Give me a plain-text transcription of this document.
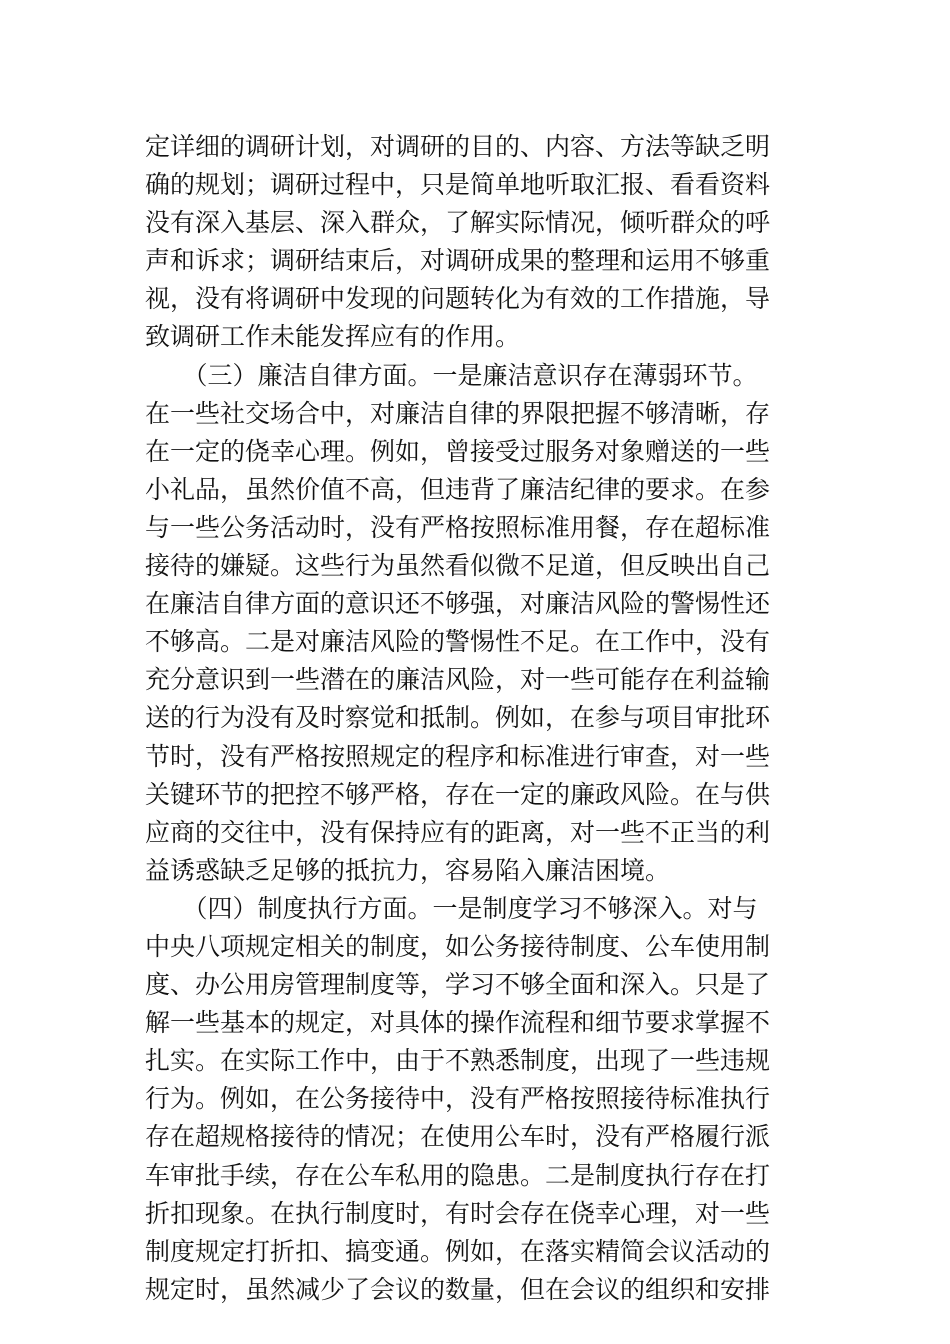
定详细的调研计划，对调研的目的、内容、方法等缺乏明
确的规划；调研过程中，只是简单地听取汇报、看看资料
没有深入基层、深入群众，了解实际情况，倾听群众的呼
声和诉求；调研结束后，对调研成果的整理和运用不够重
视，没有将调研中发现的问题转化为有效的工作措施，导
致调研工作未能发挥应有的作用。
　　（三）廉洁自律方面。一是廉洁意识存在薄弱环节。
在一些社交场合中，对廉洁自律的界限把握不够清晰，存
在一定的侥幸心理。例如，曾接受过服务对象赠送的一些
小礼品，虽然价值不高，但违背了廉洁纪律的要求。在参
与一些公务活动时，没有严格按照标准用餐，存在超标准
接待的嫌疑。这些行为虽然看似微不足道，但反映出自己
在廉洁自律方面的意识还不够强，对廉洁风险的警惕性还
不够高。二是对廉洁风险的警惕性不足。在工作中，没有
充分意识到一些潜在的廉洁风险，对一些可能存在利益输
送的行为没有及时察觉和抵制。例如，在参与项目审批环
节时，没有严格按照规定的程序和标准进行审查，对一些
关键环节的把控不够严格，存在一定的廉政风险。在与供
应商的交往中，没有保持应有的距离，对一些不正当的利
益诱惑缺乏足够的抵抗力，容易陷入廉洁困境。
　　（四）制度执行方面。一是制度学习不够深入。对与
中央八项规定相关的制度，如公务接待制度、公车使用制
度、办公用房管理制度等，学习不够全面和深入。只是了
解一些基本的规定，对具体的操作流程和细节要求掌握不
扎实。在实际工作中，由于不熟悉制度，出现了一些违规
行为。例如，在公务接待中，没有严格按照接待标准执行
存在超规格接待的情况；在使用公车时，没有严格履行派
车审批手续，存在公车私用的隐患。二是制度执行存在打
折扣现象。在执行制度时，有时会存在侥幸心理，对一些
制度规定打折扣、搞变通。例如，在落实精简会议活动的
规定时，虽然减少了会议的数量，但在会议的组织和安排
